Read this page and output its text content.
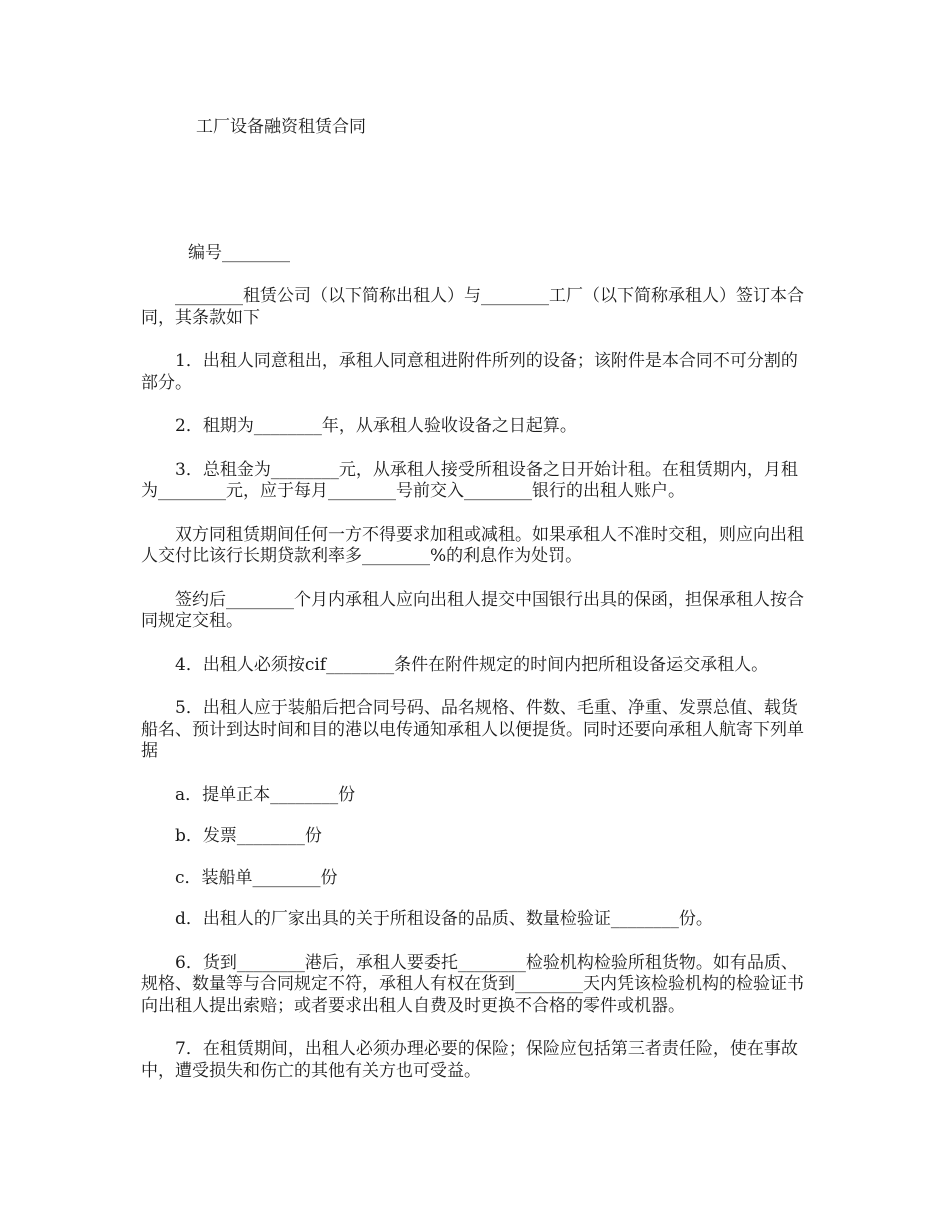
工厂设备融资租赁合同
编号________

________租赁公司（以下简称出租人）与________工厂（以下简称承租人）签订本合同，其条款如下

1．出租人同意租出，承租人同意租进附件所列的设备；该附件是本合同不可分割的部分。

2．租期为________年，从承租人验收设备之日起算。

3．总租金为________元，从承租人接受所租设备之日开始计租。在租赁期内，月租为________元，应于每月________号前交入________银行的出租人账户。

双方同租赁期间任何一方不得要求加租或减租。如果承租人不准时交租，则应向出租人交付比该行长期贷款利率多________%的利息作为处罚。

签约后________个月内承租人应向出租人提交中国银行出具的保函，担保承租人按合同规定交租。

4．出租人必须按cif________条件在附件规定的时间内把所租设备运交承租人。

5．出租人应于装船后把合同号码、品名规格、件数、毛重、净重、发票总值、载货船名、预计到达时间和目的港以电传通知承租人以便提货。同时还要向承租人航寄下列单据

a．提单正本________份

b．发票________份

c．装船单________份

d．出租人的厂家出具的关于所租设备的品质、数量检验证________份。

6．货到________港后，承租人要委托________检验机构检验所租货物。如有品质、规格、数量等与合同规定不符，承租人有权在货到________天内凭该检验机构的检验证书向出租人提出索赔；或者要求出租人自费及时更换不合格的零件或机器。

7．在租赁期间，出租人必须办理必要的保险；保险应包括第三者责任险，使在事故中，遭受损失和伤亡的其他有关方也可受益。
